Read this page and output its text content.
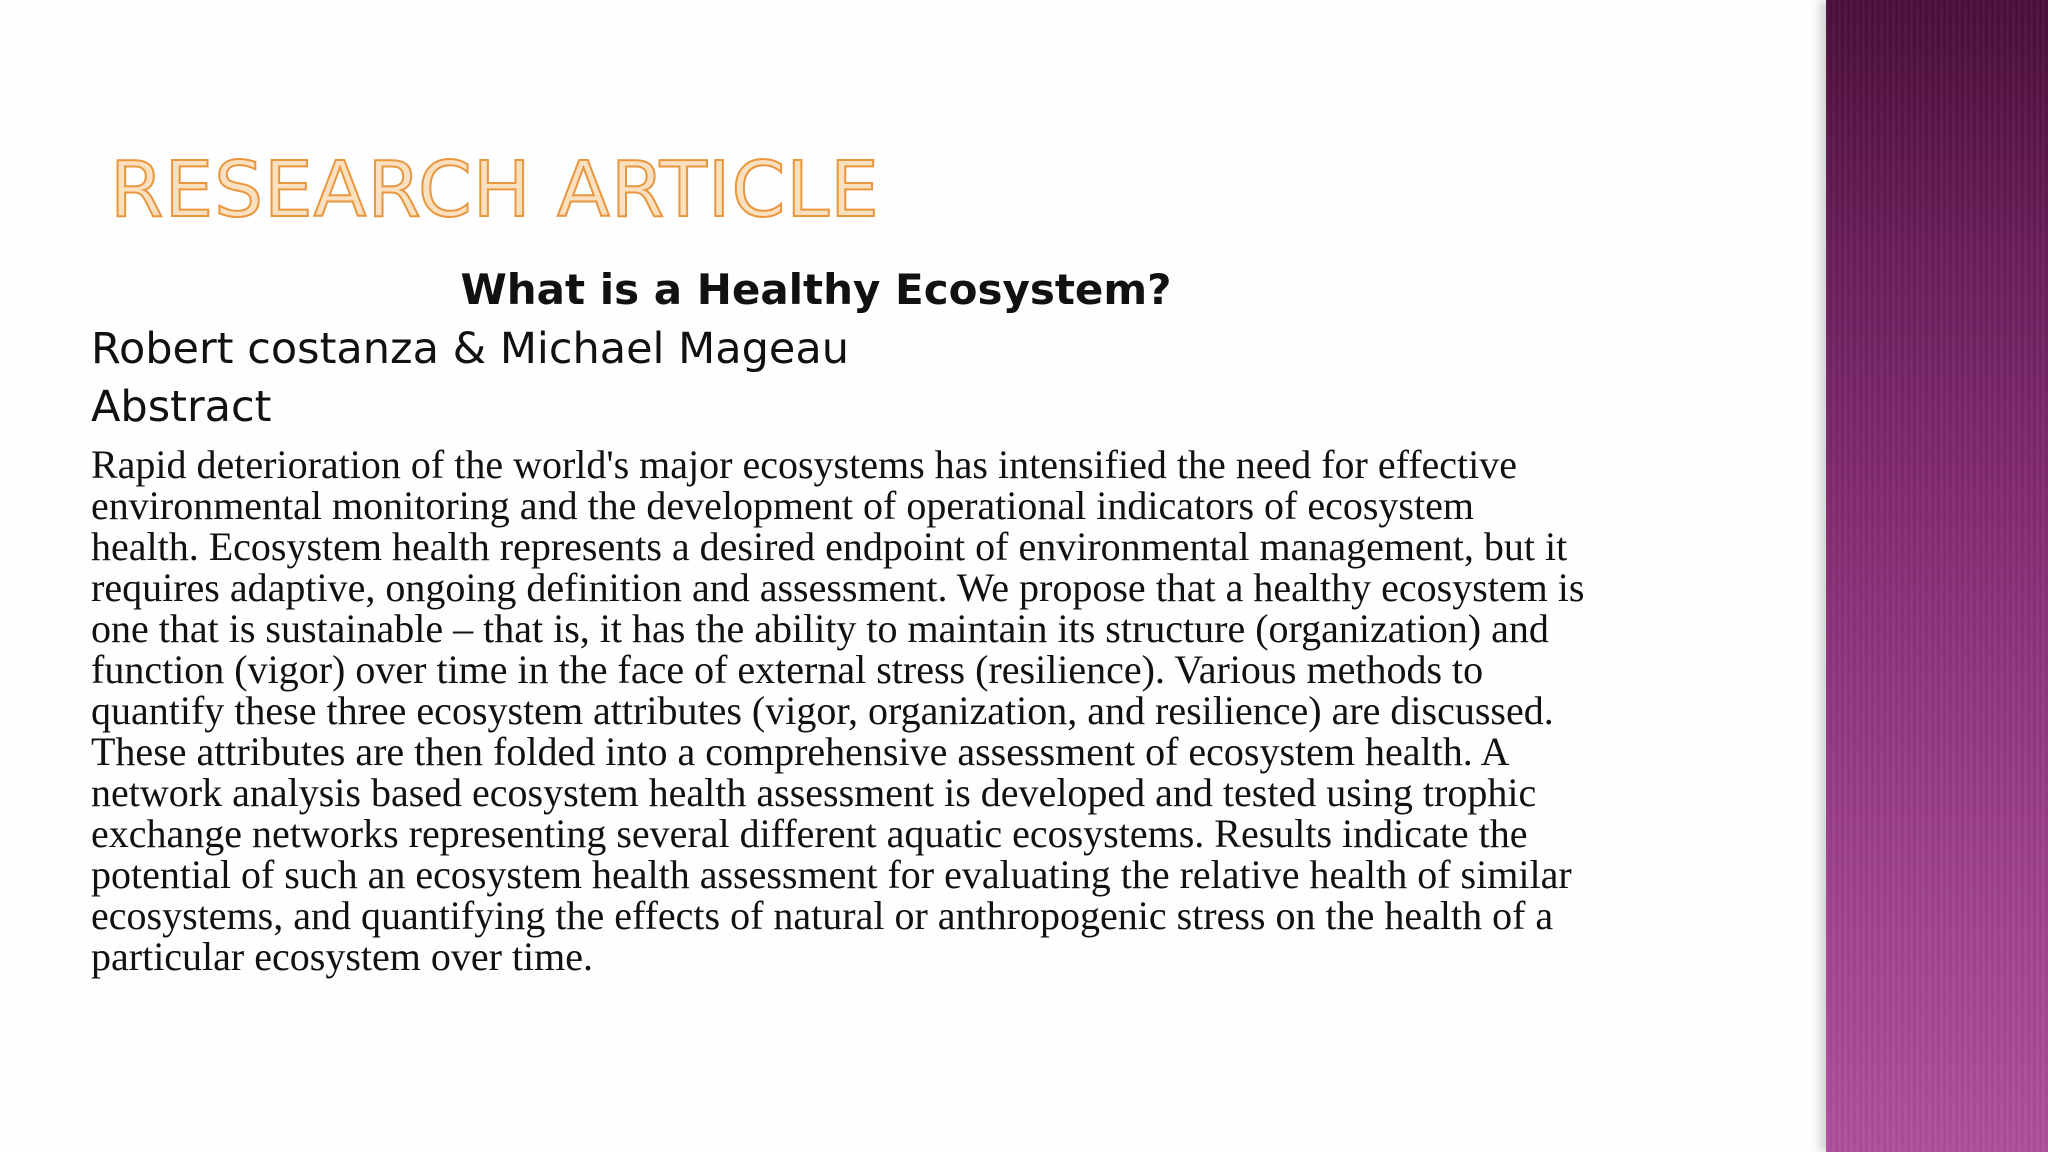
RESEARCH ARTICLE
What is a Healthy Ecosystem?

Robert costanza & Michael Mageau

Abstract

Rapid deterioration of the world's major ecosystems has intensified the need for effective environmental monitoring and the development of operational indicators of ecosystem health. Ecosystem health represents a desired endpoint of environmental management, but it requires adaptive, ongoing definition and assessment. We propose that a healthy ecosystem is one that is sustainable – that is, it has the ability to maintain its structure (organization) and function (vigor) over time in the face of external stress (resilience). Various methods to quantify these three ecosystem attributes (vigor, organization, and resilience) are discussed. These attributes are then folded into a comprehensive assessment of ecosystem health. A network analysis based ecosystem health assessment is developed and tested using trophic exchange networks representing several different aquatic ecosystems. Results indicate the potential of such an ecosystem health assessment for evaluating the relative health of similar ecosystems, and quantifying the effects of natural or anthropogenic stress on the health of a particular ecosystem over time.
